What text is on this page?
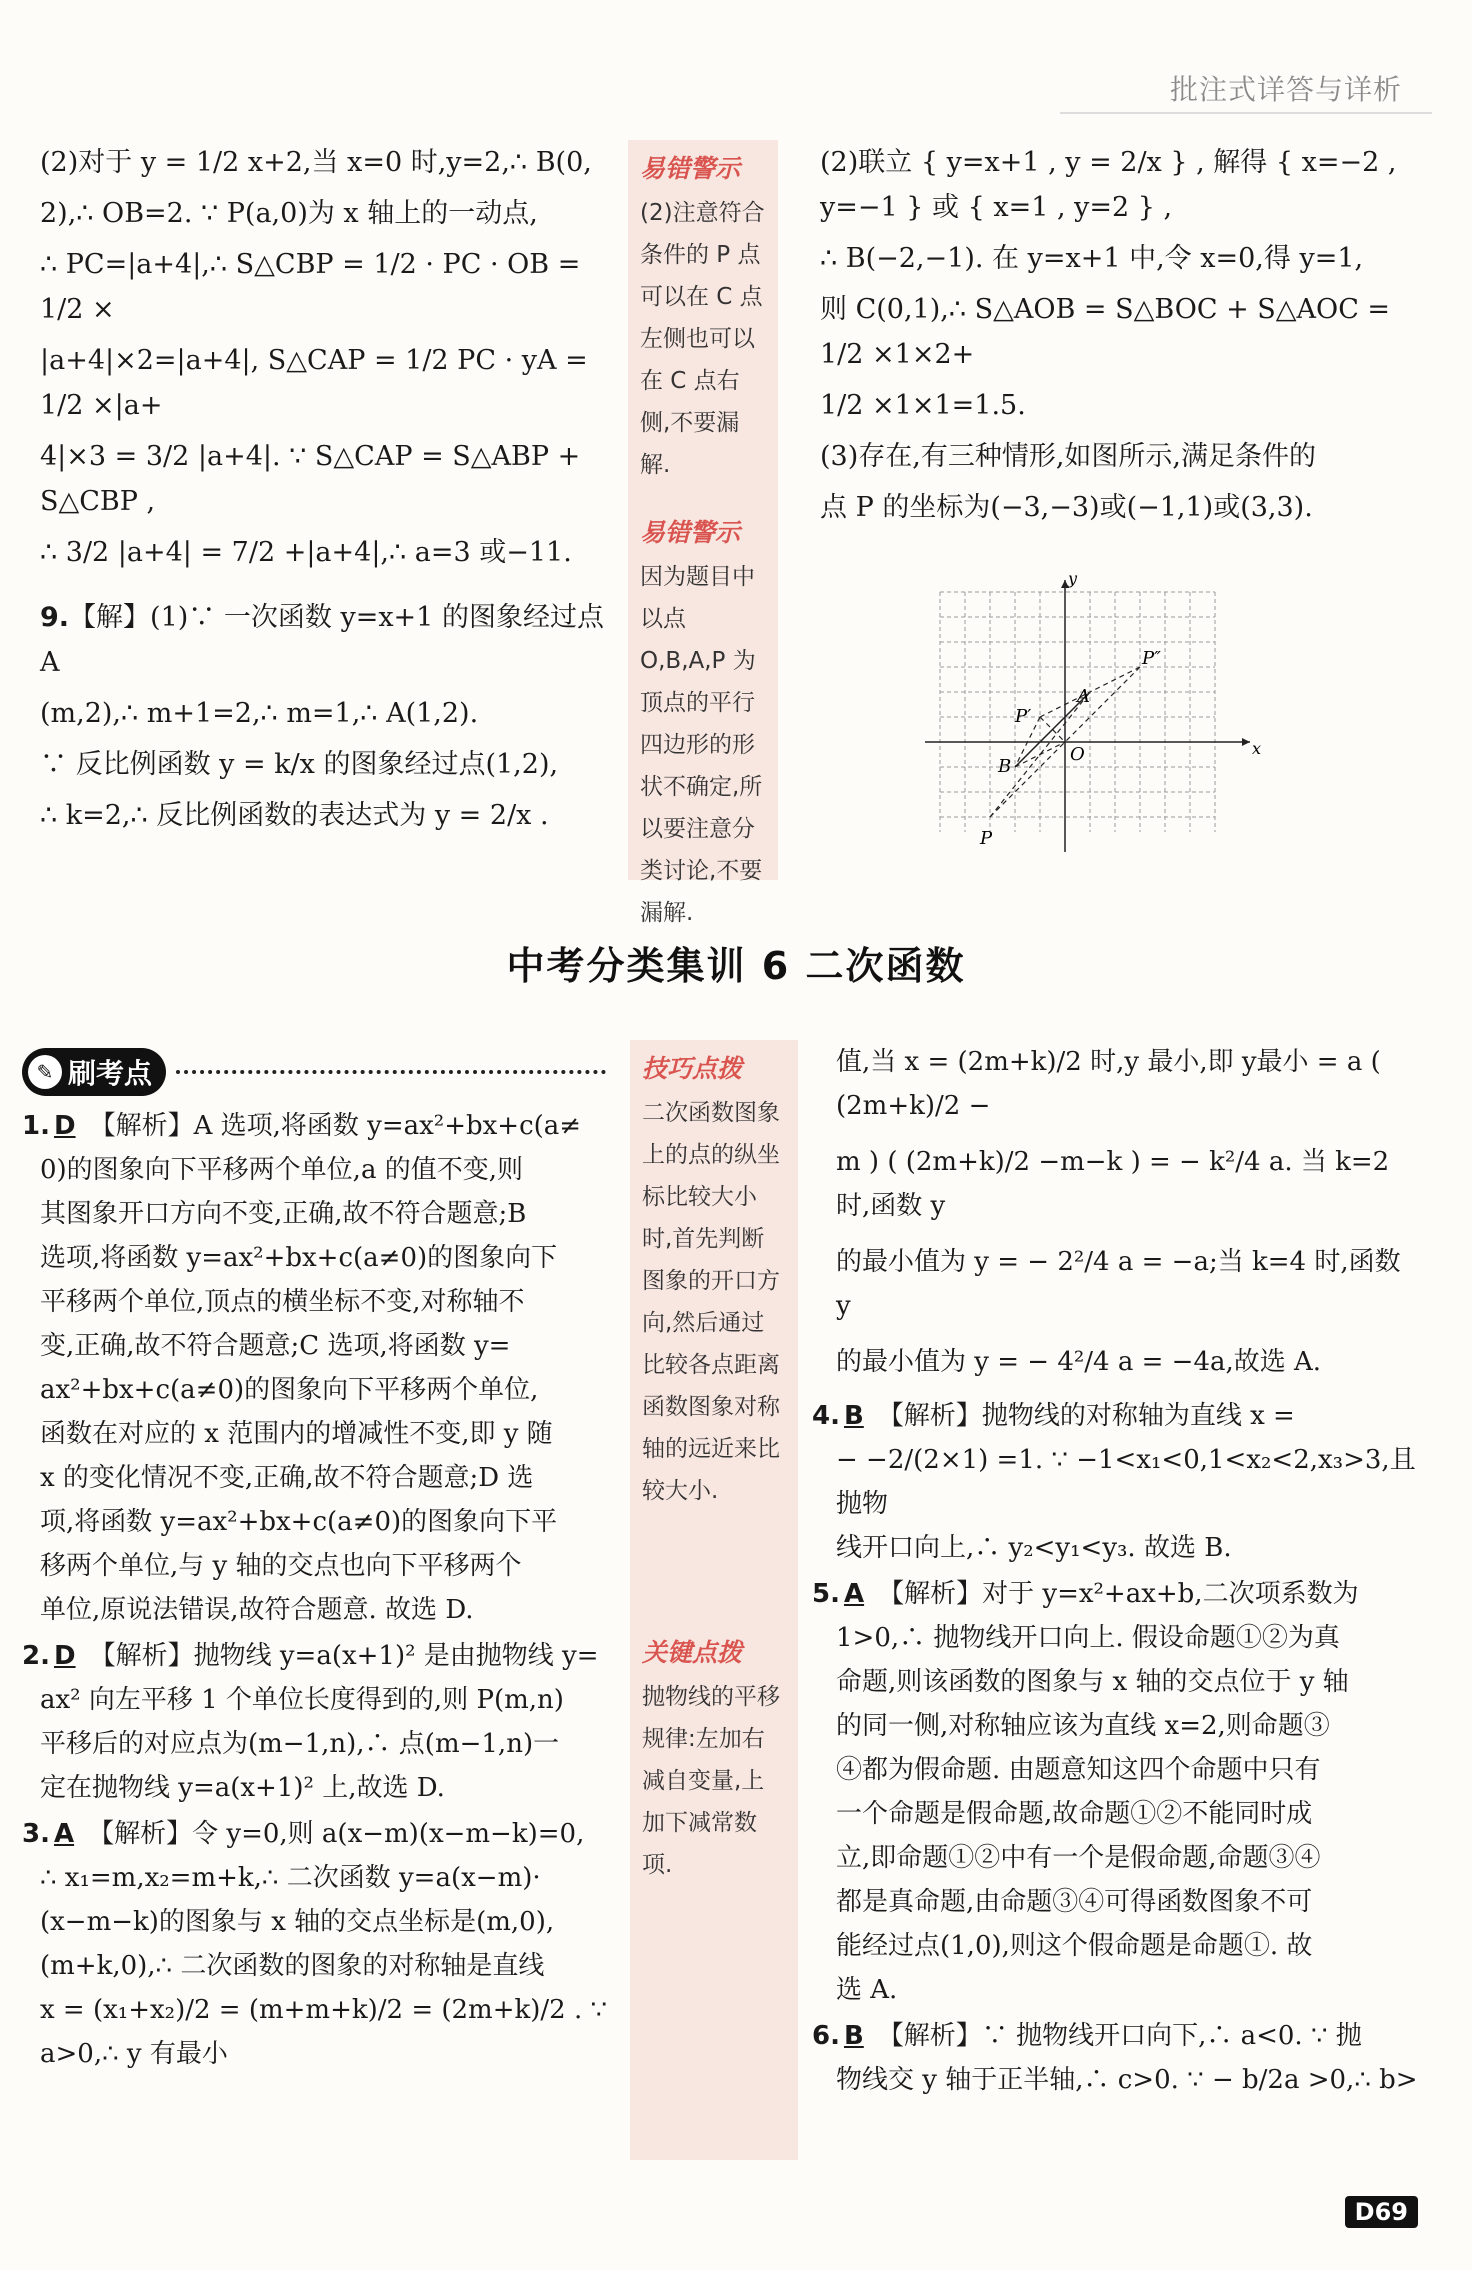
批注式详答与详析

(2)对于 y = 1/2 x+2,当 x=0 时,y=2,∴ B(0,

2),∴ OB=2. ∵ P(a,0)为 x 轴上的一动点,

∴ PC=|a+4|,∴ S△CBP = 1/2 · PC · OB = 1/2 ×

|a+4|×2=|a+4|, S△CAP = 1/2 PC · yA = 1/2 ×|a+

4|×3 = 3/2 |a+4|. ∵ S△CAP = S△ABP + S△CBP ,

∴ 3/2 |a+4| = 7/2 +|a+4|,∴ a=3 或−11.

9.【解】(1)∵ 一次函数 y=x+1 的图象经过点 A

(m,2),∴ m+1=2,∴ m=1,∴ A(1,2).

∵ 反比例函数 y = k/x 的图象经过点(1,2),

∴ k=2,∴ 反比例函数的表达式为 y = 2/x .

易错警示
(2)注意符合条件的 P 点可以在 C 点左侧也可以在 C 点右侧,不要漏解.
易错警示
因为题目中以点 O,B,A,P 为顶点的平行四边形的形状不确定,所以要注意分类讨论,不要漏解.

(2)联立 { y=x+1 , y = 2/x } , 解得 { x=−2 , y=−1 } 或 { x=1 , y=2 } ,

∴ B(−2,−1). 在 y=x+1 中,令 x=0,得 y=1,

则 C(0,1),∴ S△AOB = S△BOC + S△AOC = 1/2 ×1×2+

1/2 ×1×1=1.5.

(3)存在,有三种情形,如图所示,满足条件的

点 P 的坐标为(−3,−3)或(−1,1)或(3,3).

y
x
O
A
B
P
P′
P″
中考分类集训 6 二次函数
✎ 刷考点
1. D 【解析】A 选项,将函数 y=ax²+bx+c(a≠

0)的图象向下平移两个单位,a 的值不变,则

其图象开口方向不变,正确,故不符合题意;B

选项,将函数 y=ax²+bx+c(a≠0)的图象向下

平移两个单位,顶点的横坐标不变,对称轴不

变,正确,故不符合题意;C 选项,将函数 y=

ax²+bx+c(a≠0)的图象向下平移两个单位,

函数在对应的 x 范围内的增减性不变,即 y 随

x 的变化情况不变,正确,故不符合题意;D 选

项,将函数 y=ax²+bx+c(a≠0)的图象向下平

移两个单位,与 y 轴的交点也向下平移两个

单位,原说法错误,故符合题意. 故选 D.

2. D 【解析】抛物线 y=a(x+1)² 是由抛物线 y=

ax² 向左平移 1 个单位长度得到的,则 P(m,n)

平移后的对应点为(m−1,n),∴ 点(m−1,n)一

定在抛物线 y=a(x+1)² 上,故选 D.

3. A 【解析】令 y=0,则 a(x−m)(x−m−k)=0,

∴ x₁=m,x₂=m+k,∴ 二次函数 y=a(x−m)·

(x−m−k)的图象与 x 轴的交点坐标是(m,0),

(m+k,0),∴ 二次函数的图象的对称轴是直线

x = (x₁+x₂)/2 = (m+m+k)/2 = (2m+k)/2 . ∵ a>0,∴ y 有最小

技巧点拨
二次函数图象上的点的纵坐标比较大小时,首先判断图象的开口方向,然后通过比较各点距离函数图象对称轴的远近来比较大小.
关键点拨
抛物线的平移规律:左加右减自变量,上加下减常数项.

值,当 x = (2m+k)/2 时,y 最小,即 y最小 = a ( (2m+k)/2 −

m ) ( (2m+k)/2 −m−k ) = − k²/4 a. 当 k=2 时,函数 y

的最小值为 y = − 2²/4 a = −a;当 k=4 时,函数 y

的最小值为 y = − 4²/4 a = −4a,故选 A.

4. B 【解析】抛物线的对称轴为直线 x =

− −2/(2×1) =1. ∵ −1<x₁<0,1<x₂<2,x₃>3,且抛物

线开口向上,∴ y₂<y₁<y₃. 故选 B.

5. A 【解析】对于 y=x²+ax+b,二次项系数为

1>0,∴ 抛物线开口向上. 假设命题①②为真

命题,则该函数的图象与 x 轴的交点位于 y 轴

的同一侧,对称轴应该为直线 x=2,则命题③

④都为假命题. 由题意知这四个命题中只有

一个命题是假命题,故命题①②不能同时成

立,即命题①②中有一个是假命题,命题③④

都是真命题,由命题③④可得函数图象不可

能经过点(1,0),则这个假命题是命题①. 故

选 A.

6. B 【解析】∵ 抛物线开口向下,∴ a<0. ∵ 抛

物线交 y 轴于正半轴,∴ c>0. ∵ − b/2a >0,∴ b>

D69
